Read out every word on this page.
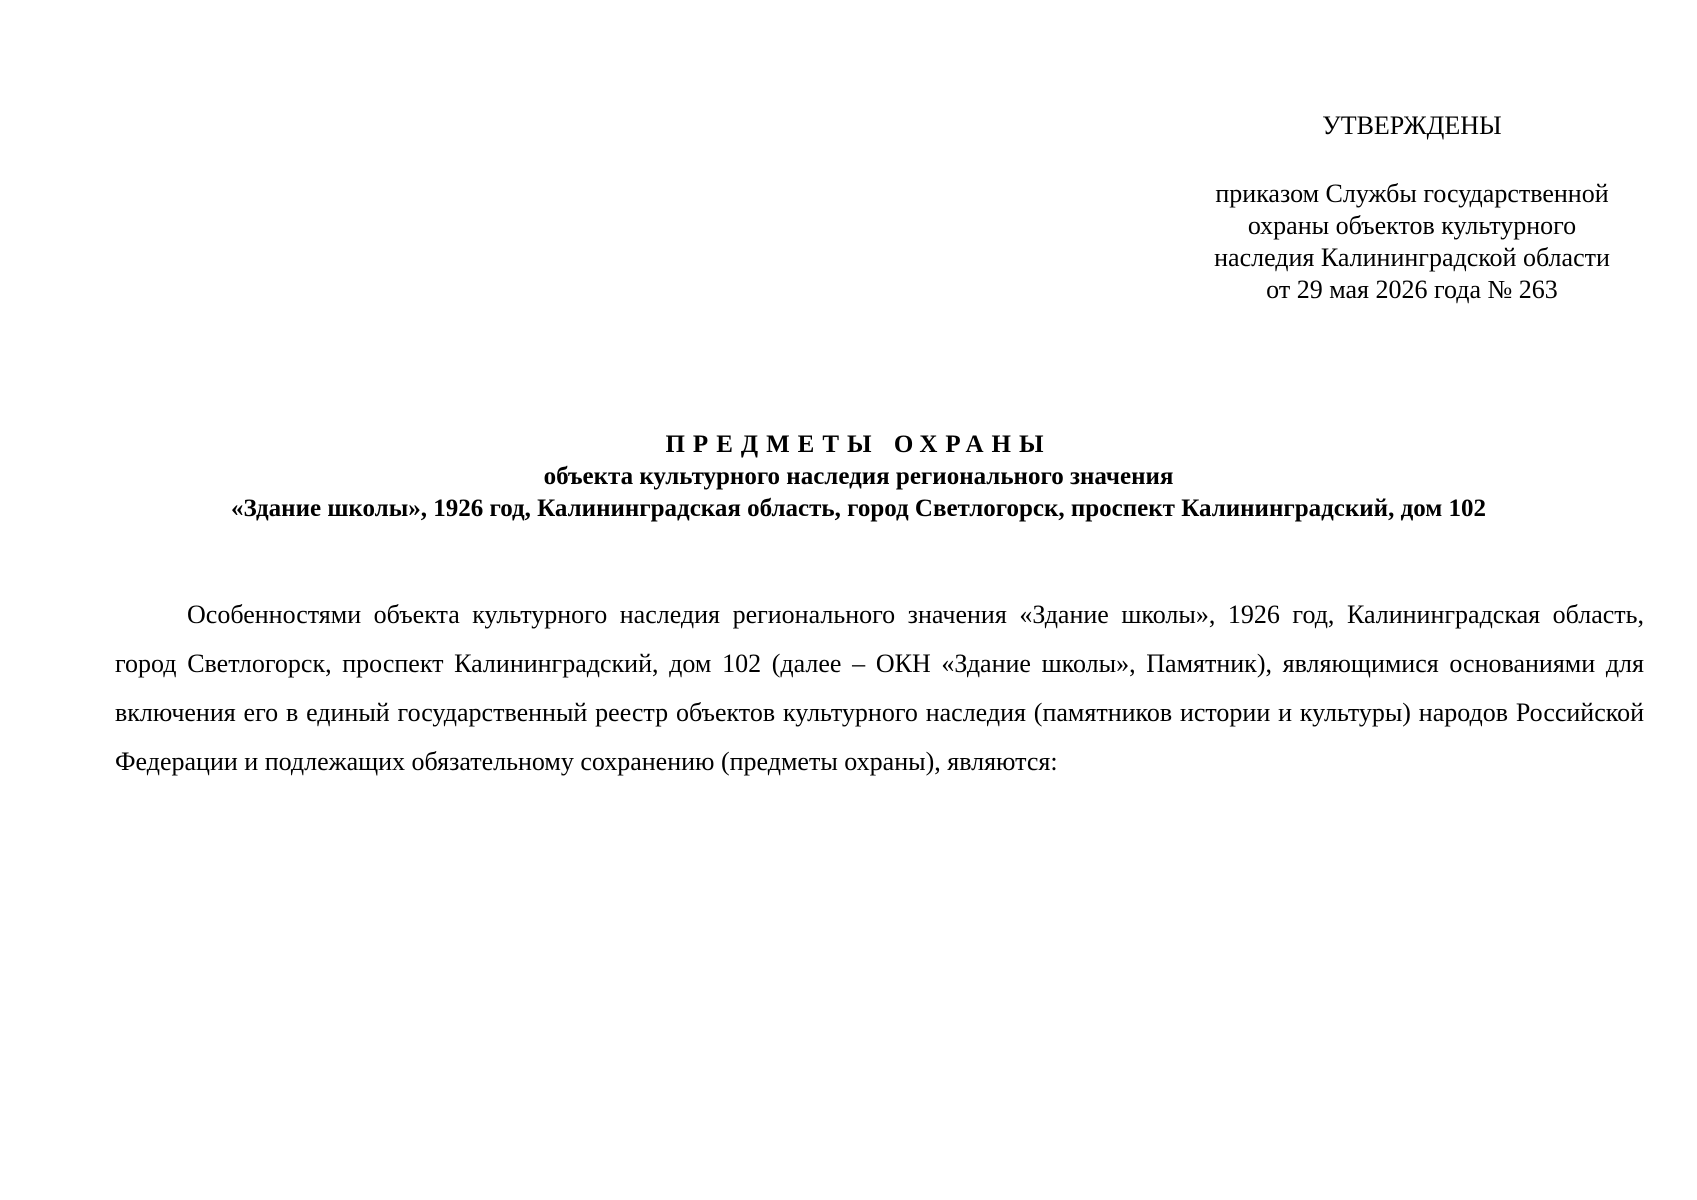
УТВЕРЖДЕНЫ

приказом Службы государственной
охраны объектов культурного
наследия Калининградской области
от 29 мая 2026 года № 263

ПРЕДМЕТЫ ОХРАНЫ

объекта культурного наследия регионального значения

«Здание школы», 1926 год, Калининградская область, город Светлогорск, проспект Калининградский, дом 102

Особенностями объекта культурного наследия регионального значения «Здание школы», 1926 год, Калининградская область, город Светлогорск, проспект Калининградский, дом 102 (далее – ОКН «Здание школы», Памятник), являющимися основаниями для включения его в единый государственный реестр объектов культурного наследия (памятников истории и культуры) народов Российской Федерации и подлежащих обязательному сохранению (предметы охраны), являются:
